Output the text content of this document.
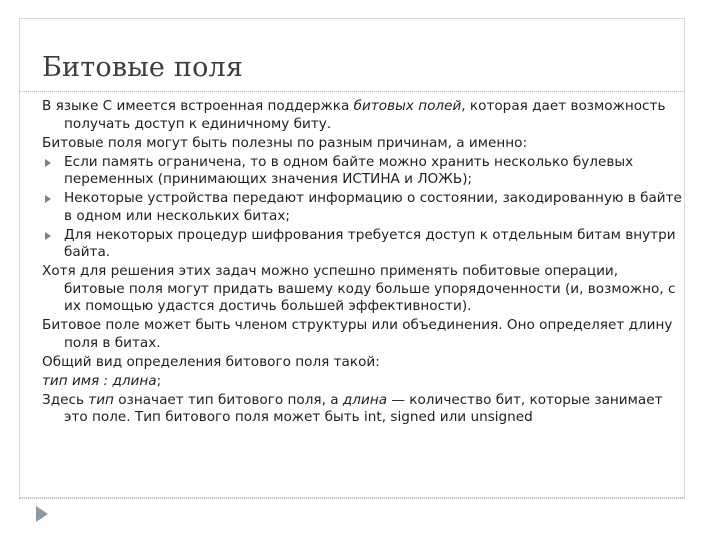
Битовые поля

В языке С имеется встроенная поддержка битовых полей, которая дает возможность получать доступ к единичному биту.

Битовые поля могут быть полезны по разным причинам, а именно:

Если память ограничена, то в одном байте можно хранить несколько булевых переменных (принимающих значения ИСТИНА и ЛОЖЬ);
Некоторые устройства передают информацию о состоянии, закодированную в байте в одном или нескольких битах;
Для некоторых процедур шифрования требуется доступ к отдельным битам внутри байта.

Хотя для решения этих задач можно успешно применять побитовые операции, битовые поля могут придать вашему коду больше упорядоченности (и, возможно, с их помощью удастся достичь большей эффективности).

Битовое поле может быть членом структуры или объединения. Оно определяет длину поля в битах.

Общий вид определения битового поля такой:

тип имя : длина;

Здесь тип означает тип битового поля, а длина — количество бит, которые занимает это поле. Тип битового поля может быть int, signed или unsigned
